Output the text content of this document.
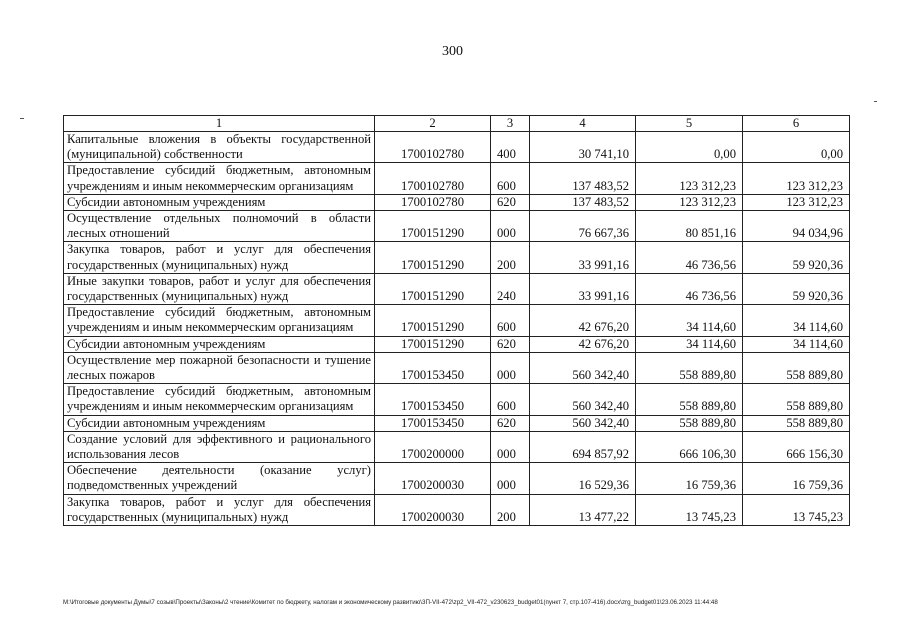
300
1	2	3	4	5	6
Капитальные вложения в объекты государственной (муниципальной) собственности	1700102780	400	30 741,10	0,00	0,00
Предоставление субсидий бюджетным, автономным учреждениям и иным некоммерческим организациям	1700102780	600	137 483,52	123 312,23	123 312,23
Субсидии автономным учреждениям	1700102780	620	137 483,52	123 312,23	123 312,23
Осуществление отдельных полномочий в области лесных отношений	1700151290	000	76 667,36	80 851,16	94 034,96
Закупка товаров, работ и услуг для обеспечения государственных (муниципальных) нужд	1700151290	200	33 991,16	46 736,56	59 920,36
Иные закупки товаров, работ и услуг для обеспечения государственных (муниципальных) нужд	1700151290	240	33 991,16	46 736,56	59 920,36
Предоставление субсидий бюджетным, автономным учреждениям и иным некоммерческим организациям	1700151290	600	42 676,20	34 114,60	34 114,60
Субсидии автономным учреждениям	1700151290	620	42 676,20	34 114,60	34 114,60
Осуществление мер пожарной безопасности и тушение лесных пожаров	1700153450	000	560 342,40	558 889,80	558 889,80
Предоставление субсидий бюджетным, автономным учреждениям и иным некоммерческим организациям	1700153450	600	560 342,40	558 889,80	558 889,80
Субсидии автономным учреждениям	1700153450	620	560 342,40	558 889,80	558 889,80
Создание условий для эффективного и рационального использования лесов	1700200000	000	694 857,92	666 106,30	666 156,30
Обеспечение деятельности (оказание услуг) подведомственных учреждений	1700200030	000	16 529,36	16 759,36	16 759,36
Закупка товаров, работ и услуг для обеспечения государственных (муниципальных) нужд	1700200030	200	13 477,22	13 745,23	13 745,23
M:\Итоговые документы Думы\7 созыв\Проекты\Законы\2 чтение\Комитет по бюджету, налогам и экономическому развитию\3П-VII-472\zp2_VII-472_v230623_budget01(пункт 7, стр.107-416).docx\zrg_budget01\23.06.2023 11:44:48
